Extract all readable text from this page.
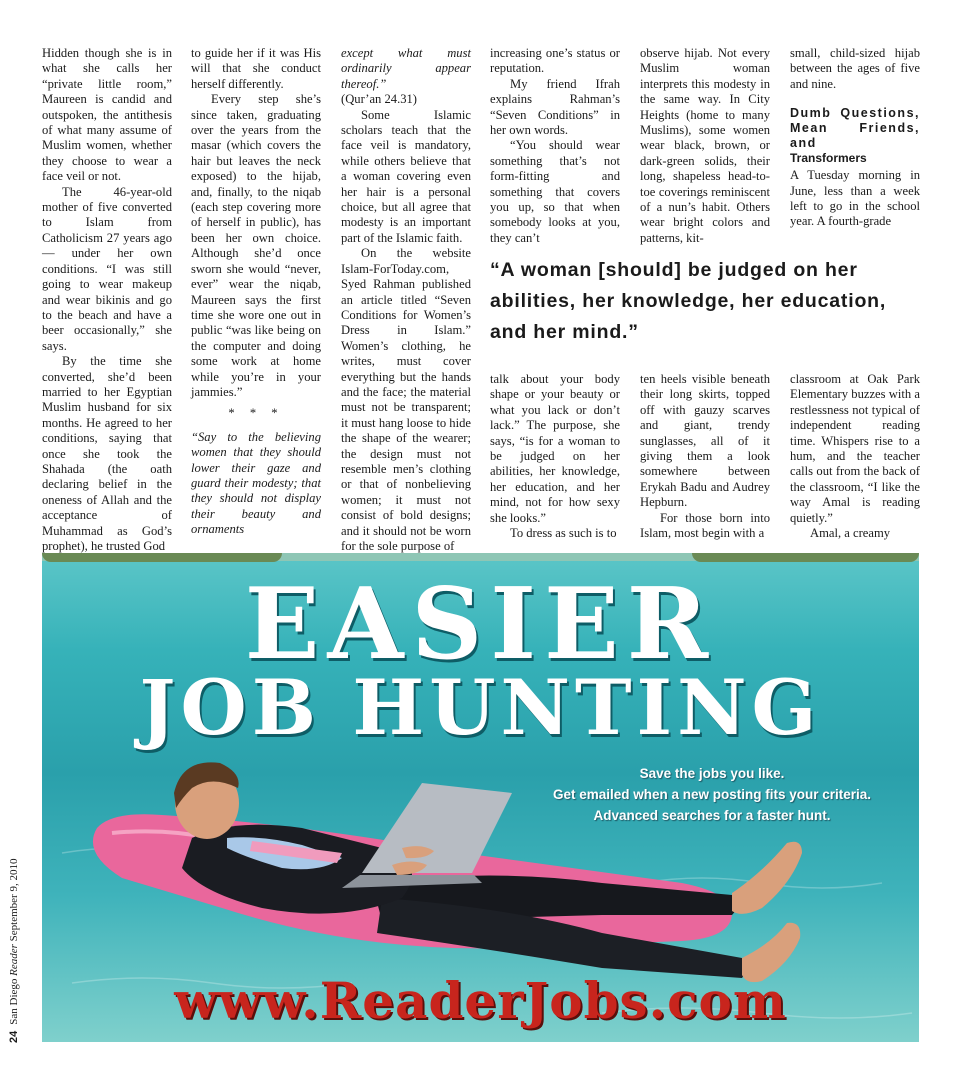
Hidden though she is in what she calls her “private little room,” Maureen is candid and outspoken, the antithesis of what many assume of Muslim women, whether they choose to wear a face veil or not.

The 46-year-old mother of five converted to Islam from Catholicism 27 years ago — under her own conditions. “I was still going to wear makeup and wear bikinis and go to the beach and have a beer occasionally,” she says.

By the time she converted, she’d been married to her Egyptian Muslim husband for six months. He agreed to her conditions, saying that once she took the Shahada (the oath declaring belief in the oneness of Allah and the acceptance of Muhammad as God’s prophet), he trusted God

to guide her if it was His will that she conduct herself differently.

Every step she’s since taken, graduating over the years from the masar (which covers the hair but leaves the neck exposed) to the hijab, and, finally, to the niqab (each step covering more of herself in public), has been her own choice. Although she’d once sworn she would “never, ever” wear the niqab, Maureen says the first time she wore one out in public “was like being on the computer and doing some work at home while you’re in your jammies.”

* * *

“Say to the believing women that they should lower their gaze and guard their modesty; that they should not display their beauty and ornaments

except what must ordinarily appear thereof.”

(Qur’an 24.31)

Some Islamic scholars teach that the face veil is mandatory, while others believe that a woman covering even her hair is a personal choice, but all agree that modesty is an important part of the Islamic faith.

On the website Islam-ForToday.com, Syed Rahman published an article titled “Seven Conditions for Women’s Dress in Islam.” Women’s clothing, he writes, must cover everything but the hands and the face; the material must not be transparent; it must hang loose to hide the shape of the wearer; the design must not resemble men’s clothing or that of nonbelieving women; it must not consist of bold designs; and it should not be worn for the sole purpose of

increasing one’s status or reputation.

My friend Ifrah explains Rahman’s “Seven Conditions” in her own words.

“You should wear something that’s not form-fitting and something that covers you up, so that when somebody looks at you, they can’t

observe hijab. Not every Muslim woman interprets this modesty in the same way. In City Heights (home to many Muslims), some women wear black, brown, or dark-green solids, their long, shapeless head-to-toe coverings reminiscent of a nun’s habit. Others wear bright colors and patterns, kit-

small, child-sized hijab between the ages of five and nine.

Dumb Questions, Mean Friends, and
Transformers

A Tuesday morning in June, less than a week left to go in the school year. A fourth-grade

“A woman [should] be judged on her abilities, her knowledge, her education, and her mind.”

talk about your body shape or your beauty or what you lack or don’t lack.” The purpose, she says, “is for a woman to be judged on her abilities, her knowledge, her education, and her mind, not for how sexy she looks.”

To dress as such is to

ten heels visible beneath their long skirts, topped off with gauzy scarves and giant, trendy sunglasses, all of it giving them a look somewhere between Erykah Badu and Audrey Hepburn.

For those born into Islam, most begin with a

classroom at Oak Park Elementary buzzes with a restlessness not typical of independent reading time. Whispers rise to a hum, and the teacher calls out from the back of the classroom, “I like the way Amal is reading quietly.”

Amal, a creamy

EASIER
JOB HUNTING
Save the jobs you like.
Get emailed when a new posting fits your criteria.
Advanced searches for a faster hunt.
www.ReaderJobs.com
24San Diego Reader September 9, 2010
